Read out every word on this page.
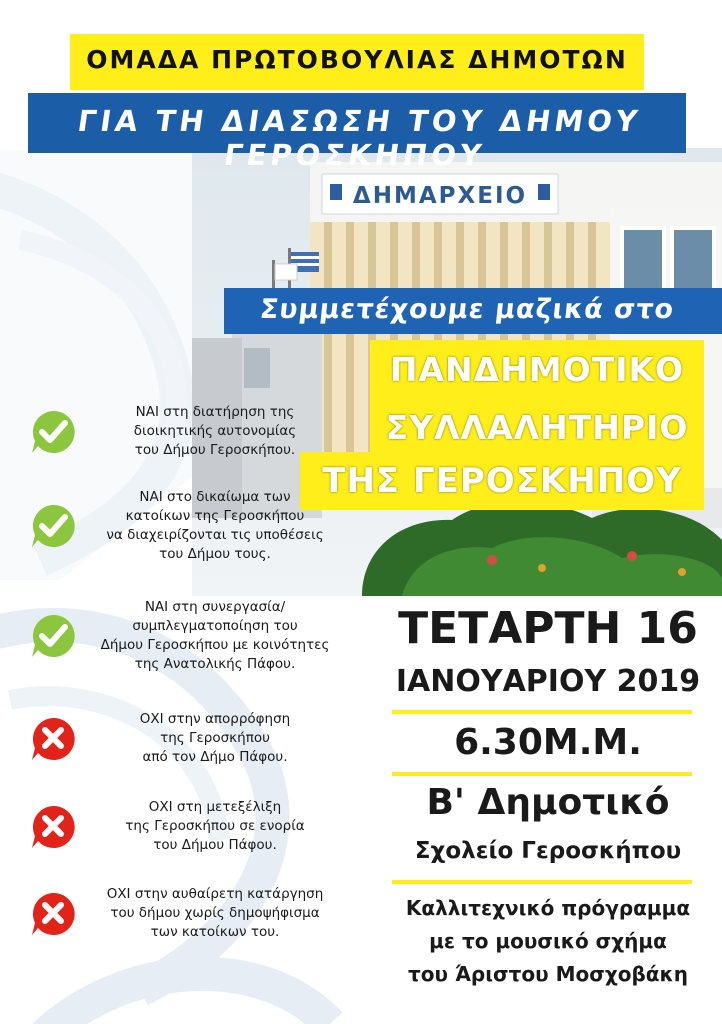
ΔΗΜΑΡΧΕΙΟ
ΟΜΑΔΑ ΠΡΩΤΟΒΟΥΛΙΑΣ ΔΗΜΟΤΩΝ
ΓΙΑ ΤΗ ΔΙΑΣΩΣΗ ΤΟΥ ΔΗΜΟΥ ΓΕΡΟΣΚΗΠΟΥ
Συμμετέχουμε μαζικά στο
ΠΑΝΔΗΜΟΤΙΚΟ
ΣΥΛΛΑΛΗΤΗΡΙΟ
ΤΗΣ ΓΕΡΟΣΚΗΠΟΥ
ΝΑΙ στη διατήρηση της
διοικητικής αυτονομίας
του Δήμου Γεροσκήπου.
ΝΑΙ στο δικαίωμα των
κατοίκων της Γεροσκήπου
να διαχειρίζονται τις υποθέσεις
του Δήμου τους.
ΝΑΙ στη συνεργασία/
συμπλεγματοποίηση του
Δήμου Γεροσκήπου με κοινότητες
της Ανατολικής Πάφου.
ΟΧΙ στην απορρόφηση
της Γεροσκήπου
από τον Δήμο Πάφου.
ΟΧΙ στη μετεξέλιξη
της Γεροσκήπου σε ενορία
του Δήμου Πάφου.
ΟΧΙ στην αυθαίρετη κατάργηση
του δήμου χωρίς δημοψήφισμα
των κατοίκων του.
ΤΕΤΑΡΤΗ 16
ΙΑΝΟΥΑΡΙΟΥ 2019
6.30Μ.Μ.
Β' Δημοτικό
Σχολείο Γεροσκήπου
Καλλιτεχνικό πρόγραμμα
με το μουσικό σχήμα
του Άριστου Μοσχοβάκη
